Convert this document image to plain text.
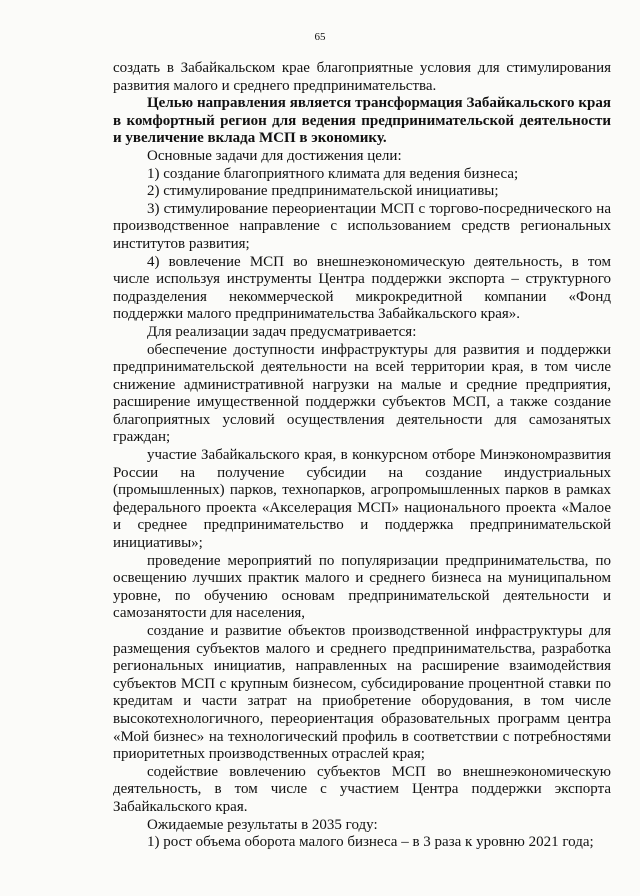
65

создать в Забайкальском крае благоприятные условия для стимулирования развития малого и среднего предпринимательства.

Целью направления является трансформация Забайкальского края в комфортный регион для ведения предпринимательской деятельности и увеличение вклада МСП в экономику.

Основные задачи для достижения цели:

1) создание благоприятного климата для ведения бизнеса;

2) стимулирование предпринимательской инициативы;

3) стимулирование переориентации МСП с торгово-посреднического на производственное направление с использованием средств региональных институтов развития;

4) вовлечение МСП во внешнеэкономическую деятельность, в том числе используя инструменты Центра поддержки экспорта – структурного подразделения некоммерческой микрокредитной компании «Фонд поддержки малого предпринимательства Забайкальского края».

Для реализации задач предусматривается:

обеспечение доступности инфраструктуры для развития и поддержки предпринимательской деятельности на всей территории края, в том числе снижение административной нагрузки на малые и средние предприятия, расширение имущественной поддержки субъектов МСП, а также создание благоприятных условий осуществления деятельности для самозанятых граждан;

участие Забайкальского края, в конкурсном отборе Минэкономразвития России на получение субсидии на создание индустриальных (промышленных) парков, технопарков, агропромышленных парков в рамках федерального проекта «Акселерация МСП» национального проекта «Малое и среднее предпринимательство и поддержка предпринимательской инициативы»;

проведение мероприятий по популяризации предпринимательства, по освещению лучших практик малого и среднего бизнеса на муниципальном уровне, по обучению основам предпринимательской деятельности и самозанятости для населения,

создание и развитие объектов производственной инфраструктуры для размещения субъектов малого и среднего предпринимательства, разработка региональных инициатив, направленных на расширение взаимодействия субъектов МСП с крупным бизнесом, субсидирование процентной ставки по кредитам и части затрат на приобретение оборудования, в том числе высокотехнологичного, переориентация образовательных программ центра «Мой бизнес» на технологический профиль в соответствии с потребностями приоритетных производственных отраслей края;

содействие вовлечению субъектов МСП во внешнеэкономическую деятельность, в том числе с участием Центра поддержки экспорта Забайкальского края.

Ожидаемые результаты в 2035 году:

1) рост объема оборота малого бизнеса – в 3 раза к уровню 2021 года;
